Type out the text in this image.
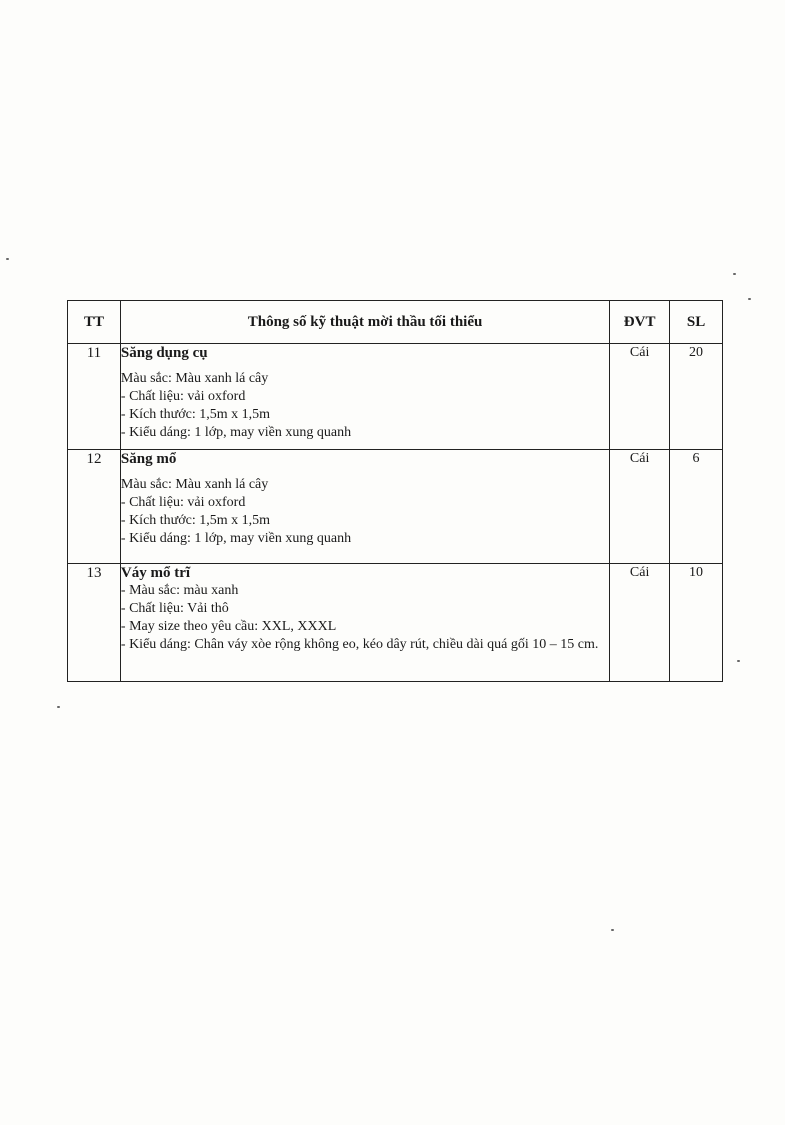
TT	Thông số kỹ thuật mời thầu tối thiểu	ĐVT	SL
11	Săng dụng cụ
Màu sắc: Màu xanh lá cây
- Chất liệu: vải oxford
- Kích thước: 1,5m x 1,5m
- Kiểu dáng: 1 lớp, may viền xung quanh	Cái	20
12	Săng mổ
Màu sắc: Màu xanh lá cây
- Chất liệu: vải oxford
- Kích thước: 1,5m x 1,5m
- Kiểu dáng: 1 lớp, may viền xung quanh	Cái	6
13	Váy mổ trĩ
- Màu sắc: màu xanh
- Chất liệu: Vải thô
- May size theo yêu cầu: XXL, XXXL
- Kiểu dáng: Chân váy xòe rộng không eo, kéo dây rút, chiều dài quá gối 10 – 15 cm.	Cái	10
